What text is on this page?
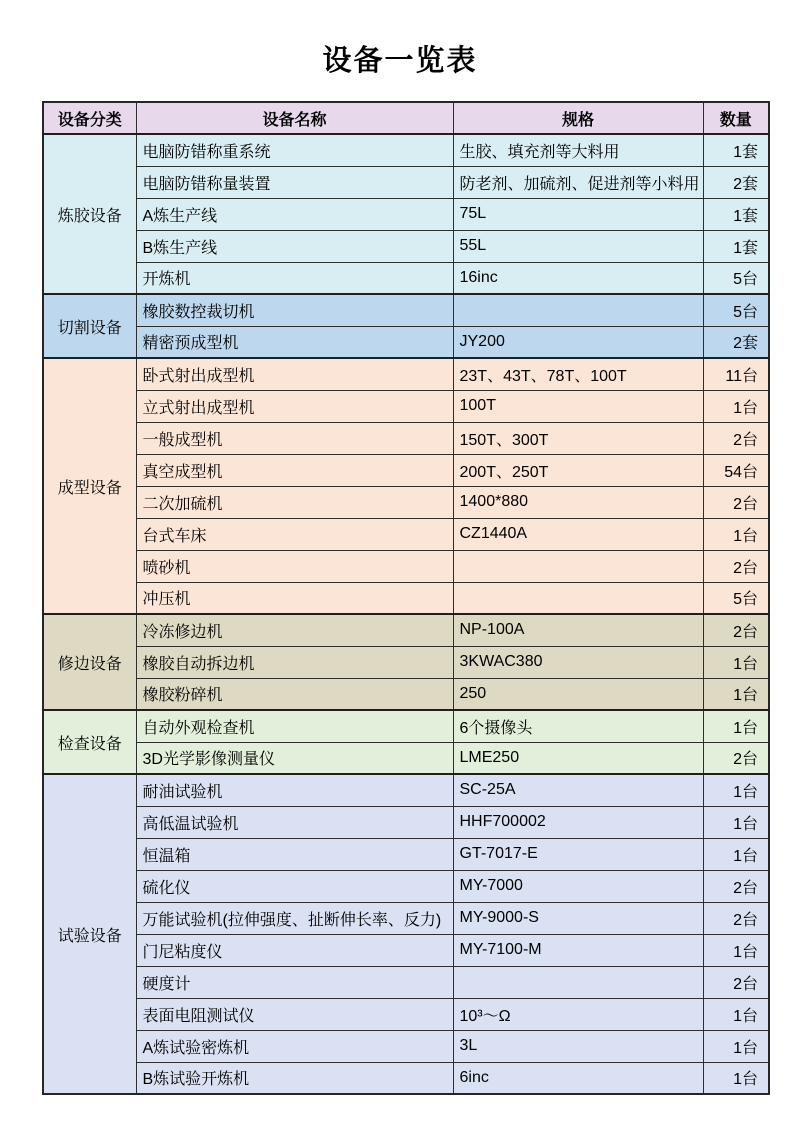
设备一览表
设备分类	设备名称	规格	数量
炼胶设备	电脑防错称重系统	生胶、填充剂等大料用	1套
	电脑防错称量装置	防老剂、加硫剂、促进剂等小料用	2套
	A炼生产线	75L	1套
	B炼生产线	55L	1套
	开炼机	16inc	5台
切割设备	橡胶数控裁切机		5台
	精密预成型机	JY200	2套
成型设备	卧式射出成型机	23T、43T、78T、100T	11台
	立式射出成型机	100T	1台
	一般成型机	150T、300T	2台
	真空成型机	200T、250T	54台
	二次加硫机	1400*880	2台
	台式车床	CZ1440A	1台
	喷砂机		2台
	冲压机		5台
修边设备	冷冻修边机	NP-100A	2台
	橡胶自动拆边机	3KWAC380	1台
	橡胶粉碎机	250	1台
检查设备	自动外观检查机	6个摄像头	1台
	3D光学影像测量仪	LME250	2台
试验设备	耐油试验机	SC-25A	1台
	高低温试验机	HHF700002	1台
	恒温箱	GT-7017-E	1台
	硫化仪	MY-7000	2台
	万能试验机(拉伸强度、扯断伸长率、反力)	MY-9000-S	2台
	门尼粘度仪	MY-7100-M	1台
	硬度计		2台
	表面电阻测试仪	10³～Ω	1台
	A炼试验密炼机	3L	1台
	B炼试验开炼机	6inc	1台
